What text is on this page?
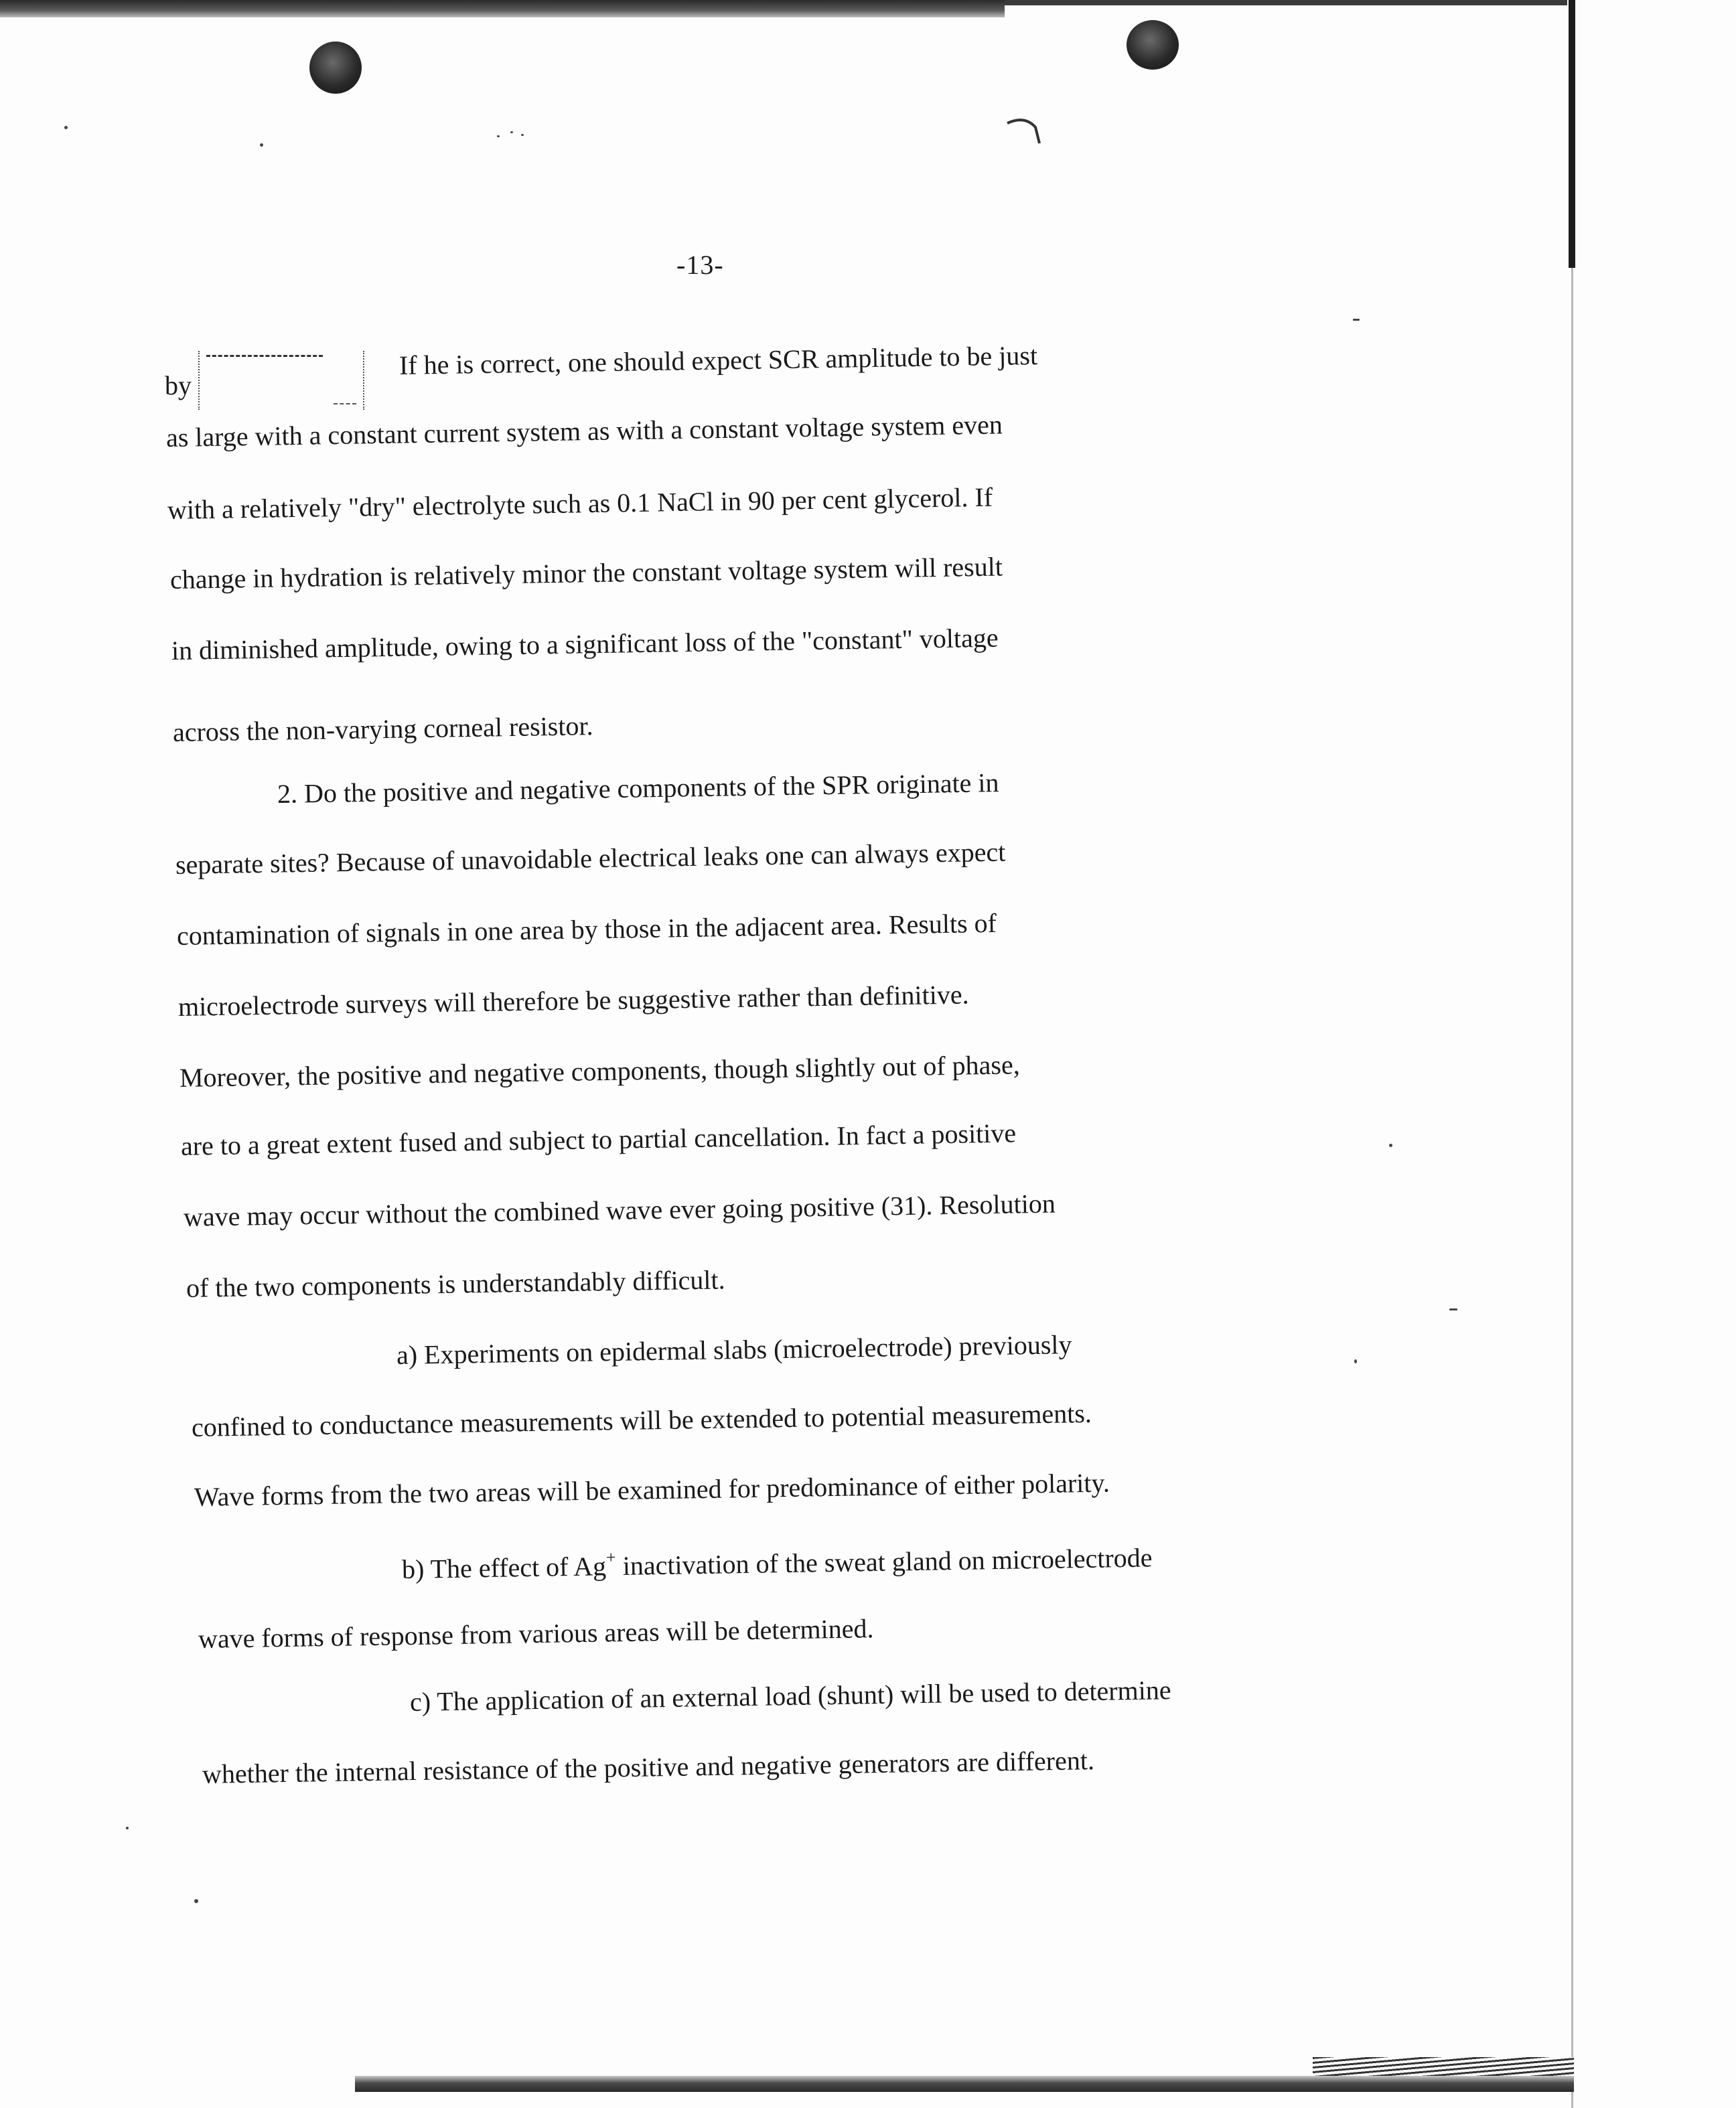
-13-
by
If he is correct, one should expect SCR amplitude to be just
as large with a constant current system as with a constant voltage system even
with a relatively "dry" electrolyte such as 0.1 NaCl in 90 per cent glycerol. If
change in hydration is relatively minor the constant voltage system will result
in diminished amplitude, owing to a significant loss of the "constant" voltage
across the non-varying corneal resistor.
2. Do the positive and negative components of the SPR originate in
separate sites? Because of unavoidable electrical leaks one can always expect
contamination of signals in one area by those in the adjacent area. Results of
microelectrode surveys will therefore be suggestive rather than definitive.
Moreover, the positive and negative components, though slightly out of phase,
are to a great extent fused and subject to partial cancellation. In fact a positive
wave may occur without the combined wave ever going positive (31). Resolution
of the two components is understandably difficult.
a) Experiments on epidermal slabs (microelectrode) previously
confined to conductance measurements will be extended to potential measurements.
Wave forms from the two areas will be examined for predominance of either polarity.
b) The effect of Ag+ inactivation of the sweat gland on microelectrode
wave forms of response from various areas will be determined.
c) The application of an external load (shunt) will be used to determine
whether the internal resistance of the positive and negative generators are different.
